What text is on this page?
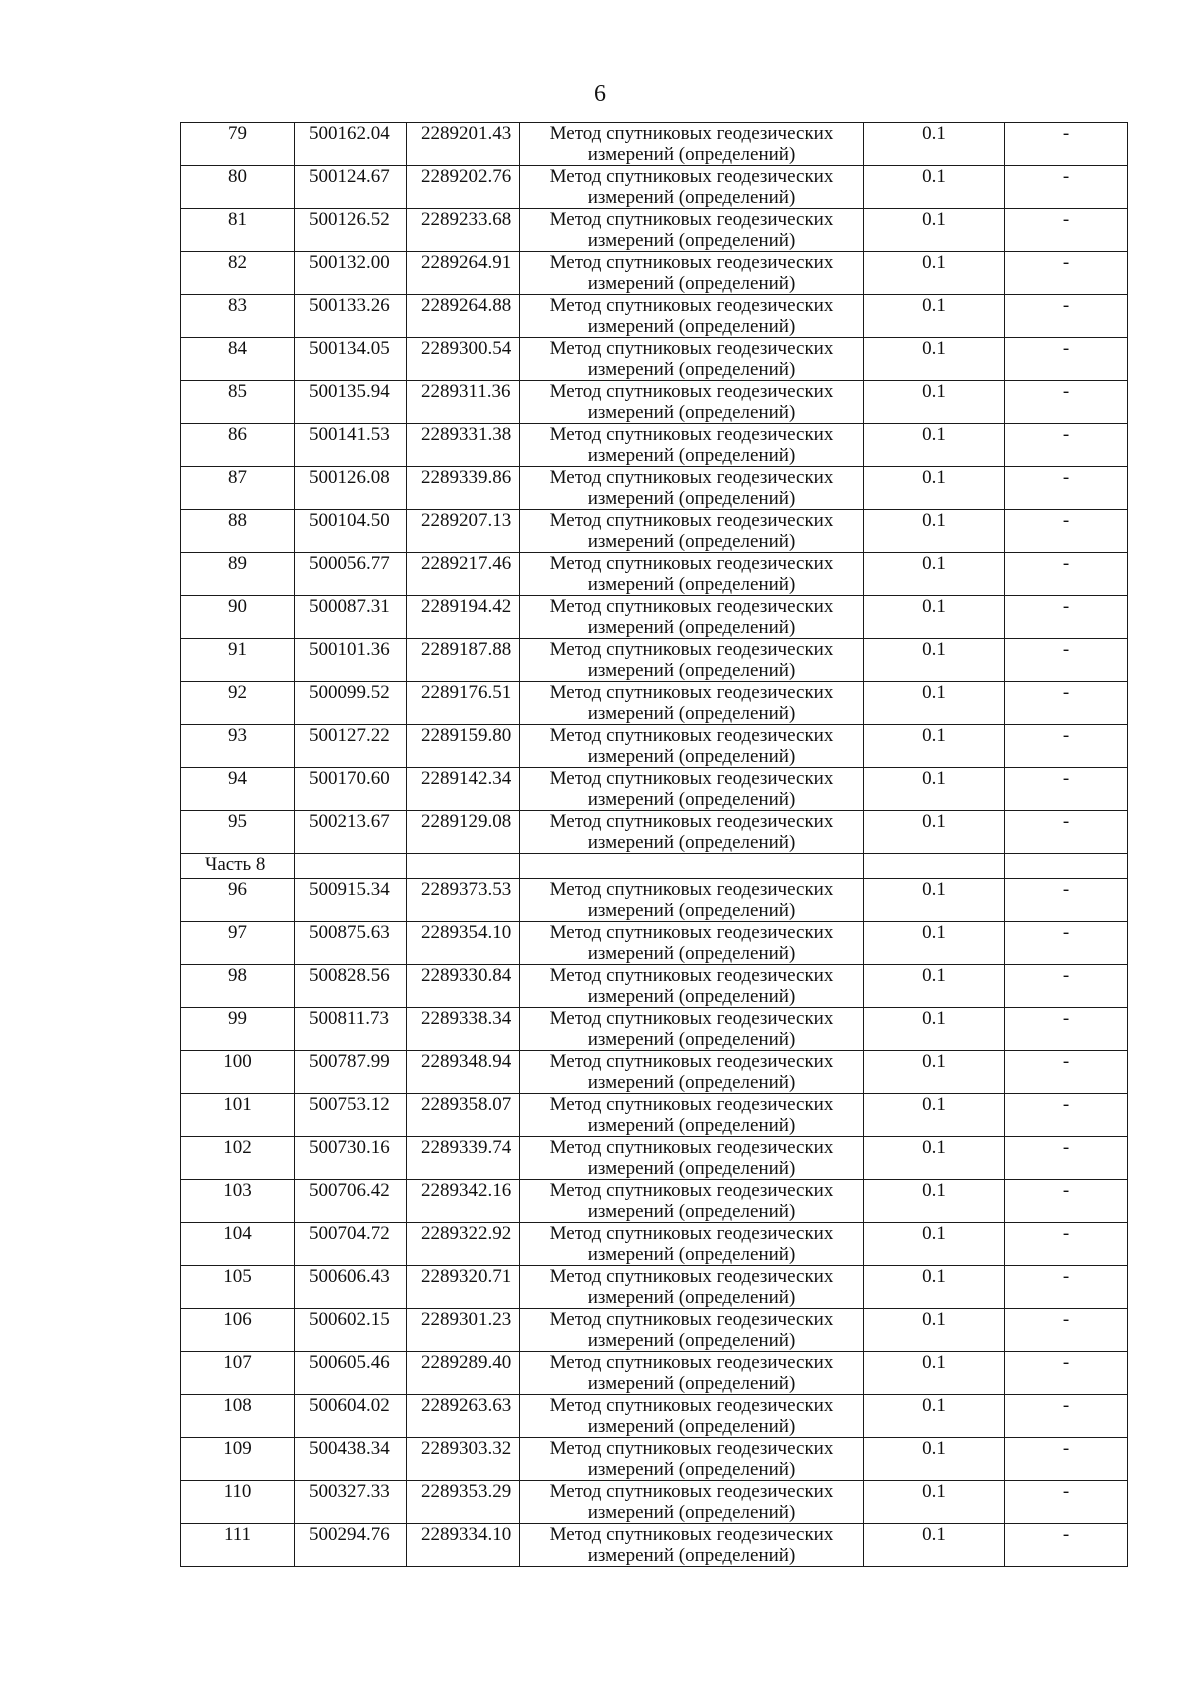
6
79	500162.04	2289201.43	Метод спутниковых геодезических
измерений (определений)	0.1	-
80	500124.67	2289202.76	Метод спутниковых геодезических
измерений (определений)	0.1	-
81	500126.52	2289233.68	Метод спутниковых геодезических
измерений (определений)	0.1	-
82	500132.00	2289264.91	Метод спутниковых геодезических
измерений (определений)	0.1	-
83	500133.26	2289264.88	Метод спутниковых геодезических
измерений (определений)	0.1	-
84	500134.05	2289300.54	Метод спутниковых геодезических
измерений (определений)	0.1	-
85	500135.94	2289311.36	Метод спутниковых геодезических
измерений (определений)	0.1	-
86	500141.53	2289331.38	Метод спутниковых геодезических
измерений (определений)	0.1	-
87	500126.08	2289339.86	Метод спутниковых геодезических
измерений (определений)	0.1	-
88	500104.50	2289207.13	Метод спутниковых геодезических
измерений (определений)	0.1	-
89	500056.77	2289217.46	Метод спутниковых геодезических
измерений (определений)	0.1	-
90	500087.31	2289194.42	Метод спутниковых геодезических
измерений (определений)	0.1	-
91	500101.36	2289187.88	Метод спутниковых геодезических
измерений (определений)	0.1	-
92	500099.52	2289176.51	Метод спутниковых геодезических
измерений (определений)	0.1	-
93	500127.22	2289159.80	Метод спутниковых геодезических
измерений (определений)	0.1	-
94	500170.60	2289142.34	Метод спутниковых геодезических
измерений (определений)	0.1	-
95	500213.67	2289129.08	Метод спутниковых геодезических
измерений (определений)	0.1	-
Часть 8					
96	500915.34	2289373.53	Метод спутниковых геодезических
измерений (определений)	0.1	-
97	500875.63	2289354.10	Метод спутниковых геодезических
измерений (определений)	0.1	-
98	500828.56	2289330.84	Метод спутниковых геодезических
измерений (определений)	0.1	-
99	500811.73	2289338.34	Метод спутниковых геодезических
измерений (определений)	0.1	-
100	500787.99	2289348.94	Метод спутниковых геодезических
измерений (определений)	0.1	-
101	500753.12	2289358.07	Метод спутниковых геодезических
измерений (определений)	0.1	-
102	500730.16	2289339.74	Метод спутниковых геодезических
измерений (определений)	0.1	-
103	500706.42	2289342.16	Метод спутниковых геодезических
измерений (определений)	0.1	-
104	500704.72	2289322.92	Метод спутниковых геодезических
измерений (определений)	0.1	-
105	500606.43	2289320.71	Метод спутниковых геодезических
измерений (определений)	0.1	-
106	500602.15	2289301.23	Метод спутниковых геодезических
измерений (определений)	0.1	-
107	500605.46	2289289.40	Метод спутниковых геодезических
измерений (определений)	0.1	-
108	500604.02	2289263.63	Метод спутниковых геодезических
измерений (определений)	0.1	-
109	500438.34	2289303.32	Метод спутниковых геодезических
измерений (определений)	0.1	-
110	500327.33	2289353.29	Метод спутниковых геодезических
измерений (определений)	0.1	-
111	500294.76	2289334.10	Метод спутниковых геодезических
измерений (определений)	0.1	-
